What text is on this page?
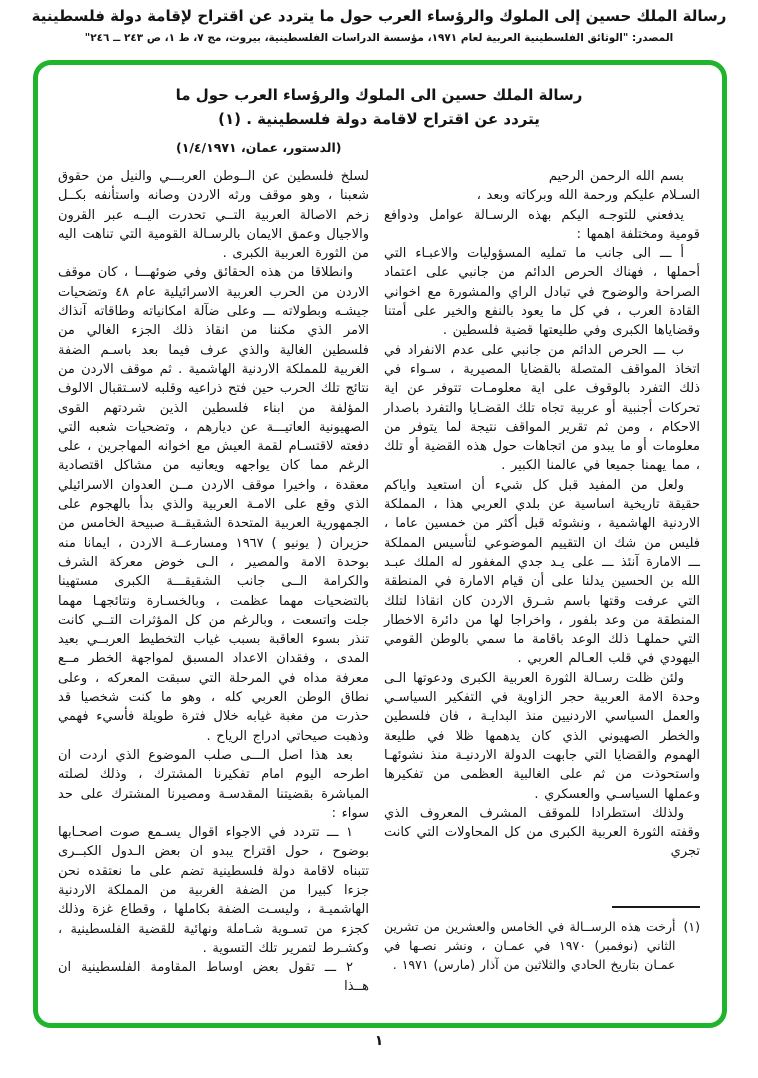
رسالة الملك حسين إلى الملوك والرؤساء العرب حول ما يتردد عن اقتراح لإقامة دولة فلسطينية
المصدر: "الوثائق الفلسطينية العربية لعام ١٩٧١، مؤسسة الدراسات الفلسطينية، بيروت، مج ٧، ط ١، ص ٢٤٣ ــ ٢٤٦"
رسالة الملك حسين الى الملوك والرؤساء العرب حول ما
يتردد عن اقتراح لاقامة دولة فلسطينية . (١)
(الدستور، عمان، ١/٤/١٩٧١)

بسم الله الرحمن الرحيم

السـلام عليكم ورحمة الله وبركاته وبعد ،

يدفعني للتوجـه اليكم بهذه الرسـالة عوامل ودوافع قومية ومختلفة اهمها :

أ ـــ الى جانب ما تمليه المسؤوليات والاعبـاء التي أحملها ، فهناك الحرص الدائم من جانبي على اعتماد الصراحة والوضوح في تبادل الراي والمشورة مع اخواني القادة العرب ، في كل ما يعود بالنفع والخير على أمتنا وقضاياها الكبرى وفي طليعتها قضية فلسطين .

ب ـــ الحرص الدائم من جانبي على عدم الانفراد في اتخاذ المواقف المتصلة بالقضايا المصيرية ، سـواء في ذلك التفرد بالوقوف على اية معلومـات تتوفر عن اية تحركات أجنبية أو عربية تجاه تلك القضـايا والتفرد باصدار الاحكام ، ومن ثم تقرير المواقف نتيجة لما يتوفر من معلومات أو ما يبدو من اتجاهات حول هذه القضية أو تلك ، مما يهمنا جميعا في عالمنا الكبير .

ولعل من المفيد قبل كل شيء أن استعيد واياكم حقيقة تاريخية اساسية عن بلدي العربي هذا ، المملكة الاردنية الهاشمية ، ونشوئه قبل أكثر من خمسين عاما ، فليس من شك ان التقييم الموضوعي لتأسيس المملكة ـــ الامارة آنئذ ـــ على يـد جدي المغفور له الملك عبـد الله بن الحسين يدلنا على أن قيام الامارة في المنطقة التي عرفت وقتها باسم شـرق الاردن كان انقاذا لتلك المنطقة من وعد بلفور ، واخراجا لها من دائرة الاخطار التي حملهـا ذلك الوعد باقامة ما سمي بالوطن القومي اليهودي في قلب العـالم العربي .

ولئن ظلت رسـالة الثورة العربية الكبرى ودعوتها الـى وحدة الامة العربية حجر الزاوية في التفكير السياسـي والعمل السياسي الاردنيين منذ البدايـة ، فان فلسطين والخطر الصهيوني الذي كان يدهمها ظلا في طليعة الهموم والقضايا التي جابهت الدولة الاردنيـة منذ نشوئهـا واستحوذت من ثم على الغالبية العظمى من تفكيرها وعملها السياسـي والعسكري .

ولذلك استطرادا للموقف المشرف المعروف الذي وقفته الثورة العربية الكبرى من كل المحاولات التي كانت تجري

(١)
أرخت هذه الرســالة في الخامس والعشرين من تشرين الثاني (نوفمبر) ١٩٧٠ في عمـان ، ونشر نصـها في عمـان بتاريخ الحادي والثلاثين من آذار (مارس) ١٩٧١ .

لسلخ فلسطين عن الــوطن العربـــي والنيل من حقوق شعبنا ، وهو موقف ورثه الاردن وصانه واستأنفه بكــل زخم الاصالة العربية التــي تحدرت اليــه عبر القرون والاجيال وعمق الايمان بالرسـالة القومية التي تناهت اليه من الثورة العربية الكبرى .

وانطلاقا من هذه الحقائق وفي ضوئهـــا ، كان موقف الاردن من الحرب العربية الاسرائيلية عام ٤٨ وتضحيات جيشـه وبطولاته ـــ وعلى ضآلة امكانياته وطاقاته آنذاك الامر الذي مكننا من انقاذ ذلك الجزء الغالي من فلسطين الغالية والذي عرف فيما بعد باسـم الضفة الغربية للمملكة الاردنية الهاشمية . ثم موقف الاردن من نتائج تلك الحرب حين فتح ذراعيه وقلبه لاسـتقبال الالوف المؤلفة من ابناء فلسطين الذين شردتهم القوى الصهيونية العاتيـــة عن ديارهم ، وتضحيات شعبه التي دفعته لاقتسـام لقمة العيش مع اخوانه المهاجرين ، على الرغم مما كان يواجهه ويعانيه من مشاكل اقتصادية معقدة ، واخيرا موقف الاردن مــن العدوان الاسرائيلي الذي وقع على الامـة العربية والذي بدأ بالهجوم على الجمهورية العربية المتحدة الشقيقــة صبيحة الخامس من حزيران ( يونيو ) ١٩٦٧ ومسارعــة الاردن ، ايمانا منه بوحدة الامة والمصير ، الـى خوض معركة الشرف والكرامة الــى جانب الشقيقـــة الكبرى مستهينا بالتضحيات مهما عظمت ، وبالخسـارة ونتائجهـا مهما جلت واتسعت ، وبالرغم من كل المؤثرات التــي كانت تنذر بسوء العاقبة بسبب غياب التخطيط العربــي بعيد المدى ، وفقدان الاعداد المسبق لمواجهة الخطر مــع معرفة مداه في المرحلة التي سبقت المعركه ، وعلى نطاق الوطن العربي كله ، وهو ما كنت شخصيا قد حذرت من مغبة غيابه خلال فترة طويلة فأسيء فهمي وذهبت صيحاتي ادراج الرياح .

بعد هذا اصل الـــى صلب الموضوع الذي اردت ان اطرحه اليوم امام تفكيرنا المشترك ، وذلك لصلته المباشرة بقضيتنا المقدسـة ومصيرنا المشترك على حد سواء :

١ ـــ تتردد في الاجواء اقوال يسـمع صوت اصحـابها بوضوح ، حول اقتراح يبدو ان بعض الـدول الكبــرى تتبناه لاقامة دولة فلسطينية تضم على ما نعتقده نحن جزءا كبيرا من الضفة الغربية من المملكة الاردنية الهاشميـة ، وليسـت الضفة بكاملها ، وقطاع غزة وذلك كجزء من تسـوية شـاملة ونهائية للقضية الفلسطينية ، وكشـرط لتمرير تلك التسوية .

٢ ـــ تقول بعض اوساط المقاومة الفلسطينية ان هــذا

١
